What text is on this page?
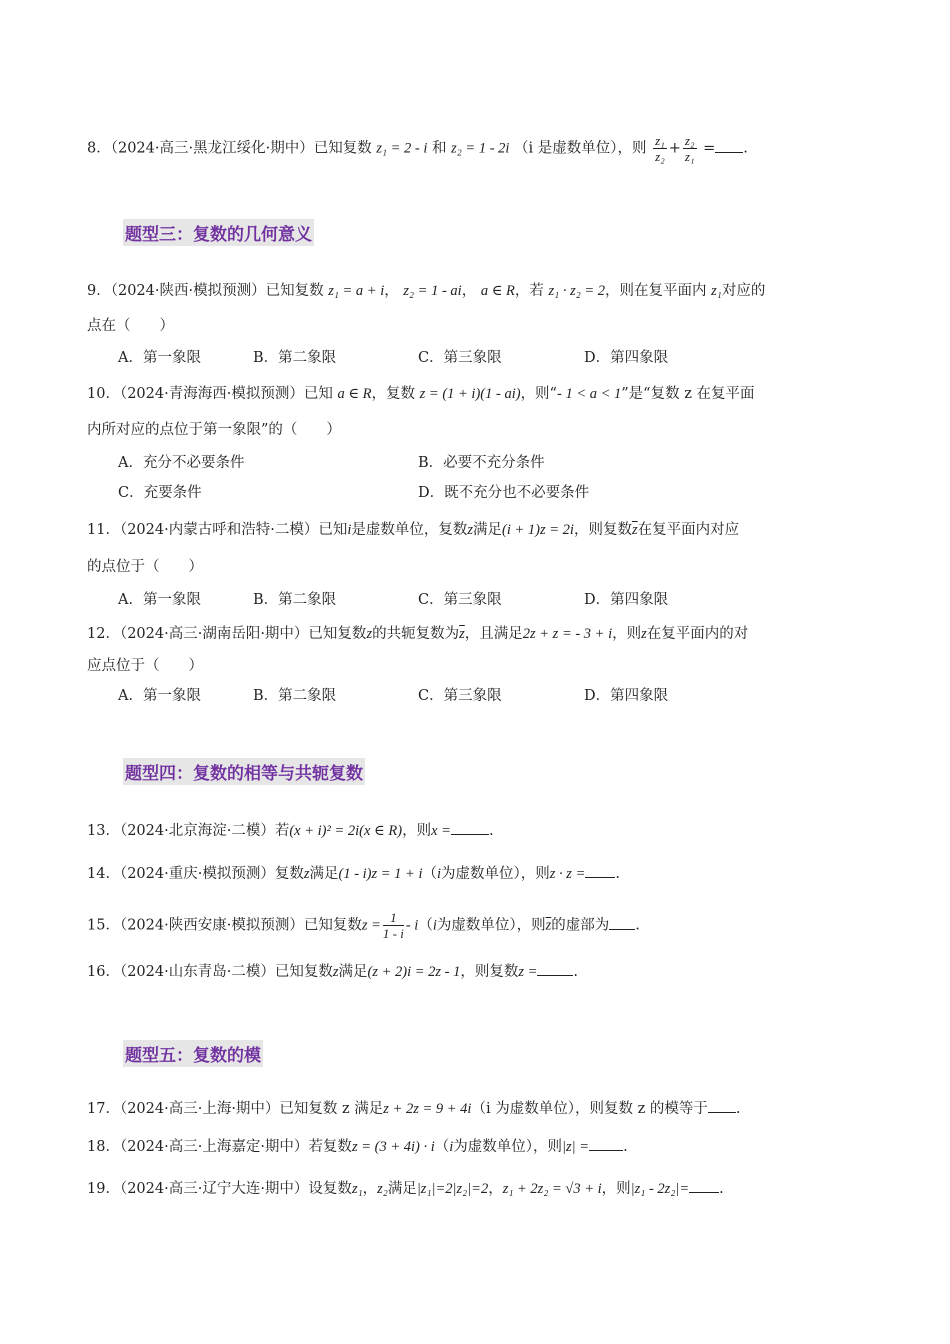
8．（2024·高三·黑龙江绥化·期中）已知复数 z₁ = 2 - i 和 z₂ = 1 - 2i （i 是虚数单位），则 $\frac{\text{z₁}}{\text{z₂}} + \frac{\text{z₂}}{\text{z₁}}$ = .
题型三：复数的几何意义
9．（2024·陕西·模拟预测）已知复数 z₁ = a + i， z₂ = 1 - ai， a ∈ R，若 z₁ · z₂ = 2，则在复平面内 z₁对应的
点在（　　）
A．第一象限	B．第二象限	C．第三象限	D．第四象限
10．（2024·青海海西·模拟预测）已知 a ∈ R，复数 z = (1 + i)(1 - ai)，则“- 1 < a < 1”是“复数 z 在复平面
内所对应的点位于第一象限”的（　　）
A．充分不必要条件	B．必要不充分条件
C．充要条件	D．既不充分也不必要条件
11．（2024·内蒙古呼和浩特·二模）已知i是虚数单位，复数z满足(i + 1)z = 2i，则复数$\overline{z}$在复平面内对应
的点位于（　　）
A．第一象限	B．第二象限	C．第三象限	D．第四象限
12．（2024·高三·湖南岳阳·期中）已知复数z的共轭复数为$\overline{z}$，且满足2z + z = - 3 + i，则z在复平面内的对
应点位于（　　）
A．第一象限	B．第二象限	C．第三象限	D．第四象限
题型四：复数的相等与共轭复数
13．（2024·北京海淀·二模）若(x + i)² = 2i(x ∈ R)，则x =	.
14．（2024·重庆·模拟预测）复数z满足(1 - i)z = 1 + i（i为虚数单位），则z · z = .
15．（2024·陕西安康·模拟预测）已知复数$z = \frac{1}{1 - i} - i(i$为虚数单位），则$\overline{z}$的虚部为 .
16．（2024·山东青岛·二模）已知复数z满足(z + 2)i = 2z - 1，则复数z = .
题型五：复数的模
17．（2024·高三·上海·期中）已知复数 z 满足z + 2z = 9 + 4i（i 为虚数单位），则复数 z 的模等于 .
18．（2024·高三·上海嘉定·期中）若复数z = (3 + 4i) · i（i为虚数单位），则|z| = .
19．（2024·高三·辽宁大连·期中）设复数z₁，z₂满足|z₁|=2|z₂|=2，z₁ + 2z₂ = √3 + i，则|z₁ - 2z₂|= .
